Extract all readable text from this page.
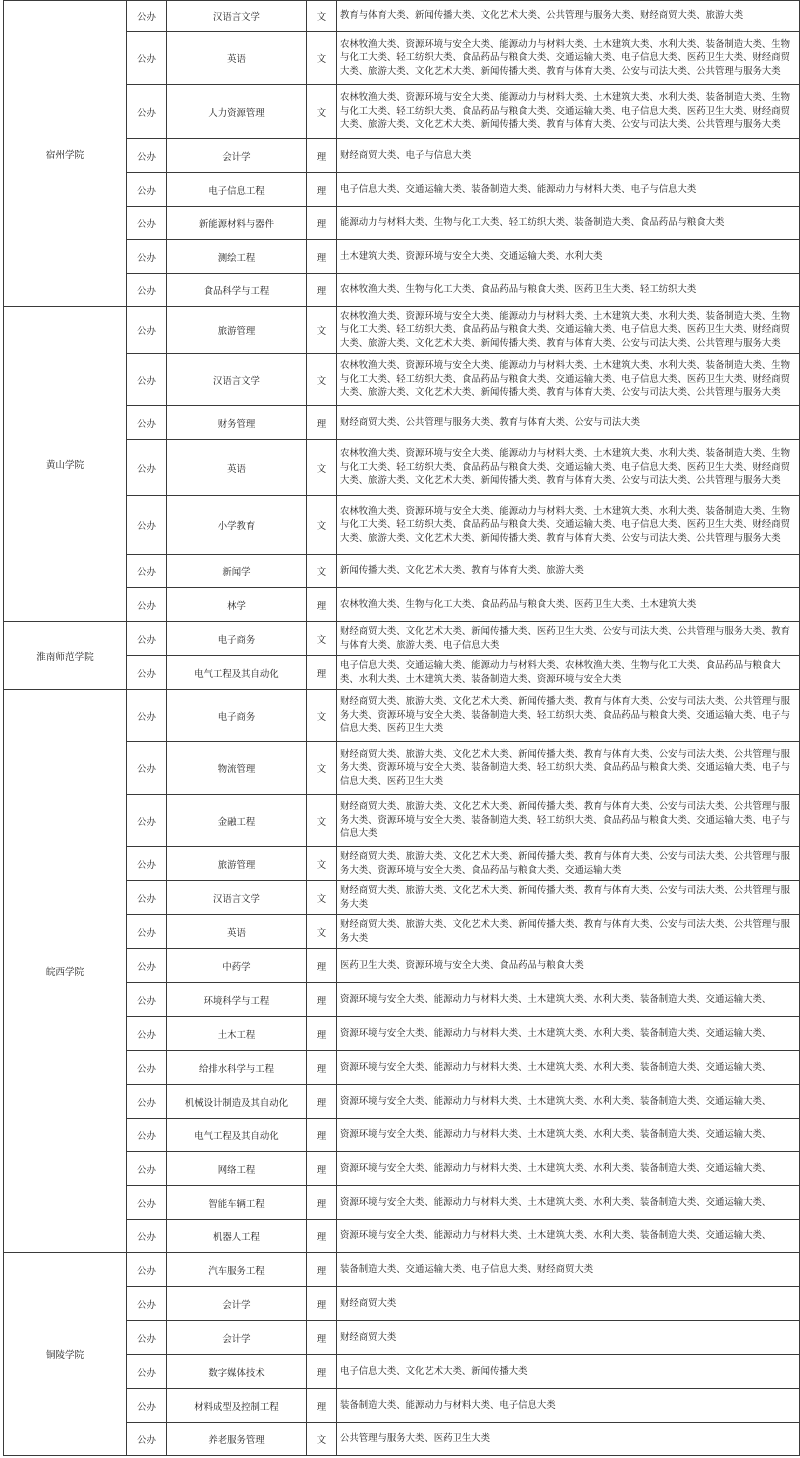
宿州学院	公办	汉语言文学	文	教育与体育大类、新闻传播大类、文化艺术大类、公共管理与服务大类、财经商贸大类、旅游大类
	公办	英语	文	农林牧渔大类、资源环境与安全大类、能源动力与材料大类、土木建筑大类、水利大类、装备制造大类、生物与化工大类、轻工纺织大类、食品药品与粮食大类、交通运输大类、电子信息大类、医药卫生大类、财经商贸大类、旅游大类、文化艺术大类、新闻传播大类、教育与体育大类、公安与司法大类、公共管理与服务大类
	公办	人力资源管理	文	农林牧渔大类、资源环境与安全大类、能源动力与材料大类、土木建筑大类、水利大类、装备制造大类、生物与化工大类、轻工纺织大类、食品药品与粮食大类、交通运输大类、电子信息大类、医药卫生大类、财经商贸大类、旅游大类、文化艺术大类、新闻传播大类、教育与体育大类、公安与司法大类、公共管理与服务大类
	公办	会计学	理	财经商贸大类、电子与信息大类
	公办	电子信息工程	理	电子信息大类、交通运输大类、装备制造大类、能源动力与材料大类、电子与信息大类
	公办	新能源材料与器件	理	能源动力与材料大类、生物与化工大类、轻工纺织大类、装备制造大类、食品药品与粮食大类
	公办	测绘工程	理	土木建筑大类、资源环境与安全大类、交通运输大类、水利大类
	公办	食品科学与工程	理	农林牧渔大类、生物与化工大类、食品药品与粮食大类、医药卫生大类、轻工纺织大类
黄山学院	公办	旅游管理	文	农林牧渔大类、资源环境与安全大类、能源动力与材料大类、土木建筑大类、水利大类、装备制造大类、生物与化工大类、轻工纺织大类、食品药品与粮食大类、交通运输大类、电子信息大类、医药卫生大类、财经商贸大类、旅游大类、文化艺术大类、新闻传播大类、教育与体育大类、公安与司法大类、公共管理与服务大类
	公办	汉语言文学	文	农林牧渔大类、资源环境与安全大类、能源动力与材料大类、土木建筑大类、水利大类、装备制造大类、生物与化工大类、轻工纺织大类、食品药品与粮食大类、交通运输大类、电子信息大类、医药卫生大类、财经商贸大类、旅游大类、文化艺术大类、新闻传播大类、教育与体育大类、公安与司法大类、公共管理与服务大类
	公办	财务管理	理	财经商贸大类、公共管理与服务大类、教育与体育大类、公安与司法大类
	公办	英语	文	农林牧渔大类、资源环境与安全大类、能源动力与材料大类、土木建筑大类、水利大类、装备制造大类、生物与化工大类、轻工纺织大类、食品药品与粮食大类、交通运输大类、电子信息大类、医药卫生大类、财经商贸大类、旅游大类、文化艺术大类、新闻传播大类、教育与体育大类、公安与司法大类、公共管理与服务大类
	公办	小学教育	文	农林牧渔大类、资源环境与安全大类、能源动力与材料大类、土木建筑大类、水利大类、装备制造大类、生物与化工大类、轻工纺织大类、食品药品与粮食大类、交通运输大类、电子信息大类、医药卫生大类、财经商贸大类、旅游大类、文化艺术大类、新闻传播大类、教育与体育大类、公安与司法大类、公共管理与服务大类
	公办	新闻学	文	新闻传播大类、文化艺术大类、教育与体育大类、旅游大类
	公办	林学	理	农林牧渔大类、生物与化工大类、食品药品与粮食大类、医药卫生大类、土木建筑大类
淮南师范学院	公办	电子商务	文	财经商贸大类、文化艺术大类、新闻传播大类、医药卫生大类、公安与司法大类、公共管理与服务大类、教育与体育大类、旅游大类、电子信息大类
	公办	电气工程及其自动化	理	电子信息大类、交通运输大类、能源动力与材料大类、农林牧渔大类、生物与化工大类、食品药品与粮食大类、水利大类、土木建筑大类、装备制造大类、资源环境与安全大类
皖西学院	公办	电子商务	文	财经商贸大类、旅游大类、文化艺术大类、新闻传播大类、教育与体育大类、公安与司法大类、公共管理与服务大类、资源环境与安全大类、装备制造大类、轻工纺织大类、食品药品与粮食大类、交通运输大类、电子与信息大类、医药卫生大类
	公办	物流管理	文	财经商贸大类、旅游大类、文化艺术大类、新闻传播大类、教育与体育大类、公安与司法大类、公共管理与服务大类、资源环境与安全大类、装备制造大类、轻工纺织大类、食品药品与粮食大类、交通运输大类、电子与信息大类、医药卫生大类
	公办	金融工程	文	财经商贸大类、旅游大类、文化艺术大类、新闻传播大类、教育与体育大类、公安与司法大类、公共管理与服务大类、资源环境与安全大类、装备制造大类、轻工纺织大类、食品药品与粮食大类、交通运输大类、电子与信息大类
	公办	旅游管理	文	财经商贸大类、旅游大类、文化艺术大类、新闻传播大类、教育与体育大类、公安与司法大类、公共管理与服务大类、资源环境与安全大类、食品药品与粮食大类、交通运输大类
	公办	汉语言文学	文	财经商贸大类、旅游大类、文化艺术大类、新闻传播大类、教育与体育大类、公安与司法大类、公共管理与服务大类
	公办	英语	文	财经商贸大类、旅游大类、文化艺术大类、新闻传播大类、教育与体育大类、公安与司法大类、公共管理与服务大类
	公办	中药学	理	医药卫生大类、资源环境与安全大类、食品药品与粮食大类
	公办	环境科学与工程	理	资源环境与安全大类、能源动力与材料大类、土木建筑大类、水利大类、装备制造大类、交通运输大类、
	公办	土木工程	理	资源环境与安全大类、能源动力与材料大类、土木建筑大类、水利大类、装备制造大类、交通运输大类、
	公办	给排水科学与工程	理	资源环境与安全大类、能源动力与材料大类、土木建筑大类、水利大类、装备制造大类、交通运输大类、
	公办	机械设计制造及其自动化	理	资源环境与安全大类、能源动力与材料大类、土木建筑大类、水利大类、装备制造大类、交通运输大类、
	公办	电气工程及其自动化	理	资源环境与安全大类、能源动力与材料大类、土木建筑大类、水利大类、装备制造大类、交通运输大类、
	公办	网络工程	理	资源环境与安全大类、能源动力与材料大类、土木建筑大类、水利大类、装备制造大类、交通运输大类、
	公办	智能车辆工程	理	资源环境与安全大类、能源动力与材料大类、土木建筑大类、水利大类、装备制造大类、交通运输大类、
	公办	机器人工程	理	资源环境与安全大类、能源动力与材料大类、土木建筑大类、水利大类、装备制造大类、交通运输大类、
铜陵学院	公办	汽车服务工程	理	装备制造大类、交通运输大类、电子信息大类、财经商贸大类
	公办	会计学	理	财经商贸大类
	公办	会计学	理	财经商贸大类
	公办	数字媒体技术	理	电子信息大类、文化艺术大类、新闻传播大类
	公办	材料成型及控制工程	理	装备制造大类、能源动力与材料大类、电子信息大类
	公办	养老服务管理	文	公共管理与服务大类、医药卫生大类
